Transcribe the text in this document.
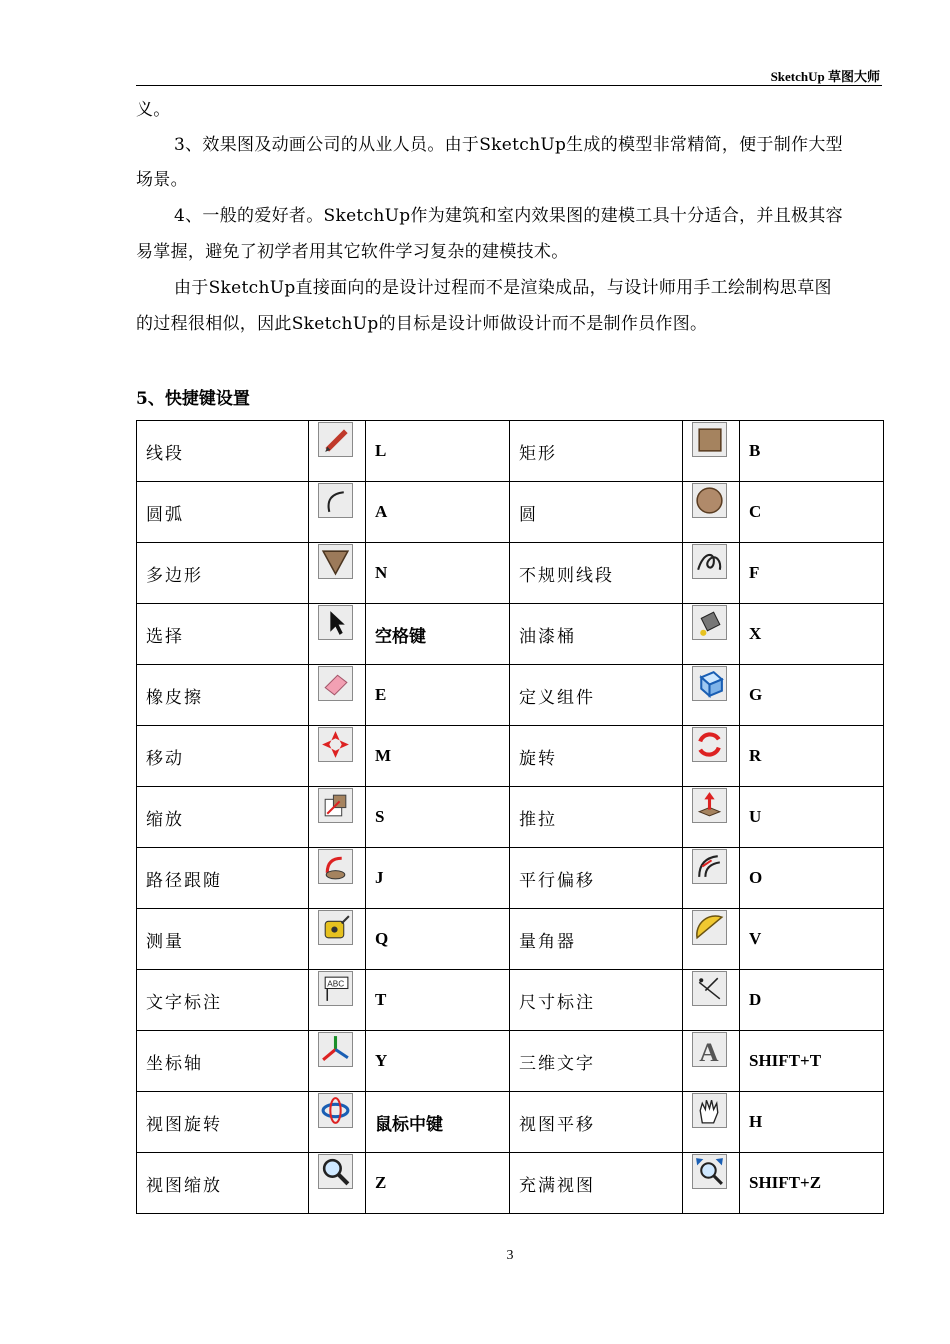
SketchUp 草图大师
义。
3、效果图及动画公司的从业人员。由于SketchUp生成的模型非常精简，便于制作大型
场景。
4、一般的爱好者。SketchUp作为建筑和室内效果图的建模工具十分适合，并且极其容
易掌握，避免了初学者用其它软件学习复杂的建模技术。
由于SketchUp直接面向的是设计过程而不是渲染成品，与设计师用手工绘制构思草图
的过程很相似，因此SketchUp的目标是设计师做设计而不是制作员作图。
5、快捷键设置
线段		L	矩形		B
圆弧		A	圆		C
多边形		N	不规则线段		F
选择		空格键	油漆桶		X
橡皮擦		E	定义组件		G
移动		M	旋转		R
缩放		S	推拉		U
路径跟随		J	平行偏移		O
测量		Q	量角器		V
文字标注	ABC	T	尺寸标注		D
坐标轴		Y	三维文字	A	SHIFT+T
视图旋转		鼠标中键	视图平移		H
视图缩放		Z	充满视图		SHIFT+Z
3
